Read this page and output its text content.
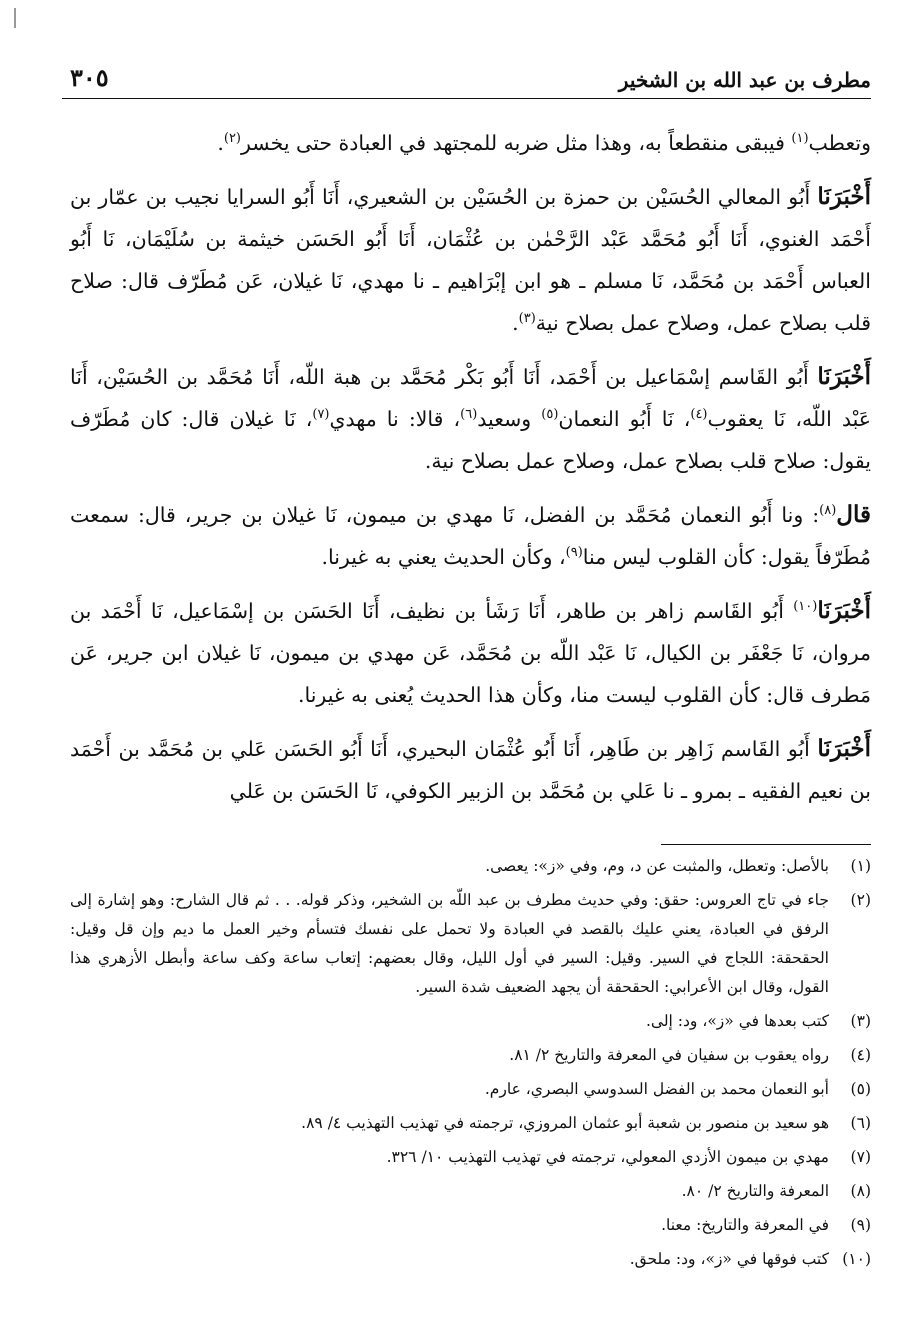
٣٠٥	مطرف بن عبد الله بن الشخير

وتعطب$^{(١)}$ فيبقى منقطعاً به، وهذا مثل ضربه للمجتهد في العبادة حتى يخسر$^{(٢)}$.

أَخْبَرَنَا أَبُو المعالي الحُسَيْن بن حمزة بن الحُسَيْن بن الشعيري، أَنَا أَبُو السرايا نجيب بن عمّار بن أَحْمَد الغنوي، أَنَا أَبُو مُحَمَّد عَبْد الرَّحْمٰن بن عُثْمَان، أَنَا أَبُو الحَسَن خيثمة بن سُلَيْمَان، نَا أَبُو العباس أَحْمَد بن مُحَمَّد، نَا مسلم ـ هو ابن إبْرَاهيم ـ نا مهدي، نَا غيلان، عَن مُطَرّف قال: صلاح قلب بصلاح عمل، وصلاح عمل بصلاح نية$^{(٣)}$.

أَخْبَرَنَا أَبُو القَاسم إسْمَاعيل بن أَحْمَد، أَنَا أَبُو بَكْر مُحَمَّد بن هبة اللّه، أَنَا مُحَمَّد بن الحُسَيْن، أَنَا عَبْد اللّه، نَا يعقوب$^{(٤)}$، نَا أَبُو النعمان$^{(٥)}$ وسعيد$^{(٦)}$، قالا: نا مهدي$^{(٧)}$، نَا غيلان قال: كان مُطَرّف يقول: صلاح قلب بصلاح عمل، وصلاح عمل بصلاح نية.

قال$^{(٨)}$: ونا أَبُو النعمان مُحَمَّد بن الفضل، نَا مهدي بن ميمون، نَا غيلان بن جرير، قال: سمعت مُطَرّفاً يقول: كأن القلوب ليس منا$^{(٩)}$، وكأن الحديث يعني به غيرنا.

أَخْبَرَنَا$^{(١٠)}$ أَبُو القَاسم زاهر بن طاهر، أَنَا رَشَأ بن نظيف، أَنَا الحَسَن بن إسْمَاعيل، نَا أَحْمَد بن مروان، نَا جَعْفَر بن الكيال، نَا عَبْد اللّه بن مُحَمَّد، عَن مهدي بن ميمون، نَا غيلان ابن جرير، عَن مَطرف قال: كأن القلوب ليست منا، وكأن هذا الحديث يُعنى به غيرنا.

أَخْبَرَنَا أَبُو القَاسم زَاهِر بن طَاهِر، أَنَا أَبُو عُثْمَان البحيري، أَنَا أَبُو الحَسَن عَلي بن مُحَمَّد بن أَحْمَد بن نعيم الفقيه ـ بمرو ـ نا عَلي بن مُحَمَّد بن الزبير الكوفي، نَا الحَسَن بن عَلي

(١)
بالأصل: وتعطل، والمثبت عن د، وم، وفي «ز»: يعصى.
(٢)
جاء في تاج العروس: حقق: وفي حديث مطرف بن عبد اللّه بن الشخير، وذكر قوله. . . ثم قال الشارح: وهو إشارة إلى الرفق في العبادة، يعني عليك بالقصد في العبادة ولا تحمل على نفسك فتسأم وخير العمل ما ديم وإن قل وقيل: الحقحقة: اللجاج في السير. وقيل: السير في أول الليل، وقال بعضهم: إتعاب ساعة وكف ساعة وأبطل الأزهري هذا القول، وقال ابن الأعرابي: الحقحقة أن يجهد الضعيف شدة السير.
(٣)
كتب بعدها في «ز»، ود: إلى.
(٤)
رواه يعقوب بن سفيان في المعرفة والتاريخ ٢/ ٨١.
(٥)
أبو النعمان محمد بن الفضل السدوسي البصري، عارم.
(٦)
هو سعيد بن منصور بن شعبة أبو عثمان المروزي، ترجمته في تهذيب التهذيب ٤/ ٨٩.
(٧)
مهدي بن ميمون الأزدي المعولي، ترجمته في تهذيب التهذيب ١٠/ ٣٢٦.
(٨)
المعرفة والتاريخ ٢/ ٨٠.
(٩)
في المعرفة والتاريخ: معنا.
(١٠)
كتب فوقها في «ز»، ود: ملحق.
